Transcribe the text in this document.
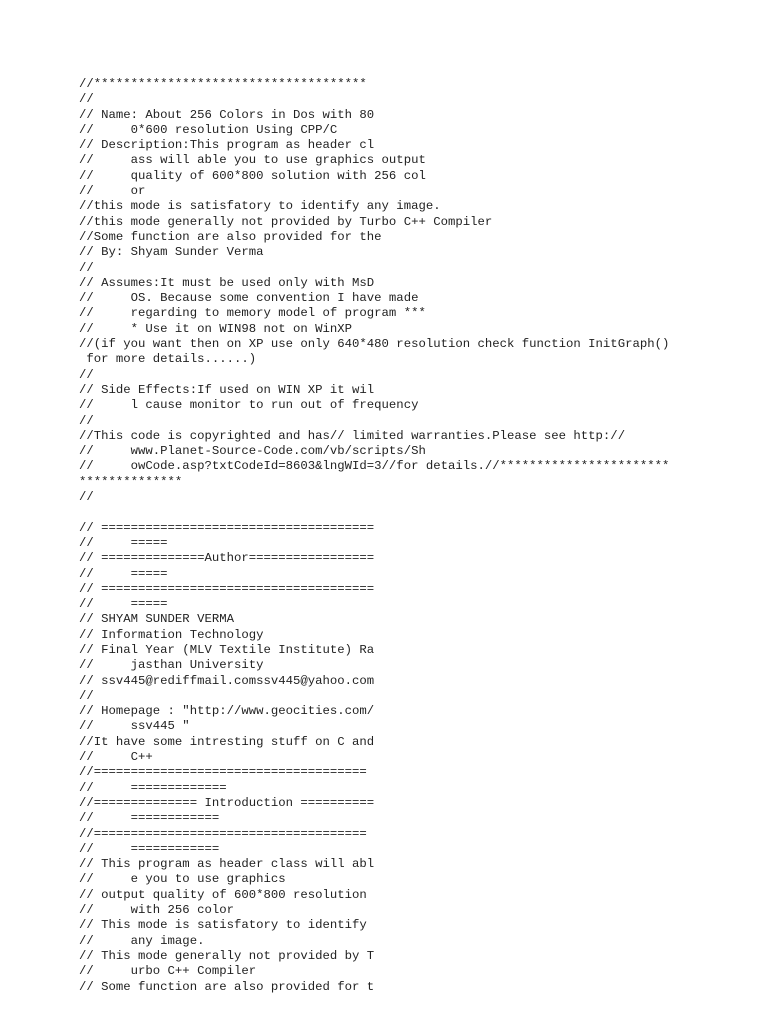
//*************************************
//
// Name: About 256 Colors in Dos with 80
//     0*600 resolution Using CPP/C
// Description:This program as header cl
//     ass will able you to use graphics output
//     quality of 600*800 solution with 256 col
//     or
//this mode is satisfatory to identify any image.
//this mode generally not provided by Turbo C++ Compiler
//Some function are also provided for the
// By: Shyam Sunder Verma
//
// Assumes:It must be used only with MsD
//     OS. Because some convention I have made
//     regarding to memory model of program ***
//     * Use it on WIN98 not on WinXP
//(if you want then on XP use only 640*480 resolution check function InitGraph()
for more details......)
//
// Side Effects:If used on WIN XP it wil
//     l cause monitor to run out of frequency
//
//This code is copyrighted and has// limited warranties.Please see http://
//     www.Planet-Source-Code.com/vb/scripts/Sh
//     owCode.asp?txtCodeId=8603&lngWId=3//for details.//***********************
**************
//
// =====================================
//     =====
// ==============Author=================
//     =====
// =====================================
//     =====
// SHYAM SUNDER VERMA
// Information Technology
// Final Year (MLV Textile Institute) Ra
//     jasthan University
// ssv445@rediffmail.comssv445@yahoo.com
//
// Homepage : "http://www.geocities.com/
//     ssv445 "
//It have some intresting stuff on C and
//     C++
//=====================================
//     =============
//============== Introduction ==========
//     ============
//=====================================
//     ============
// This program as header class will abl
//     e you to use graphics
// output quality of 600*800 resolution
//     with 256 color
// This mode is satisfatory to identify
//     any image.
// This mode generally not provided by T
//     urbo C++ Compiler
// Some function are also provided for t
